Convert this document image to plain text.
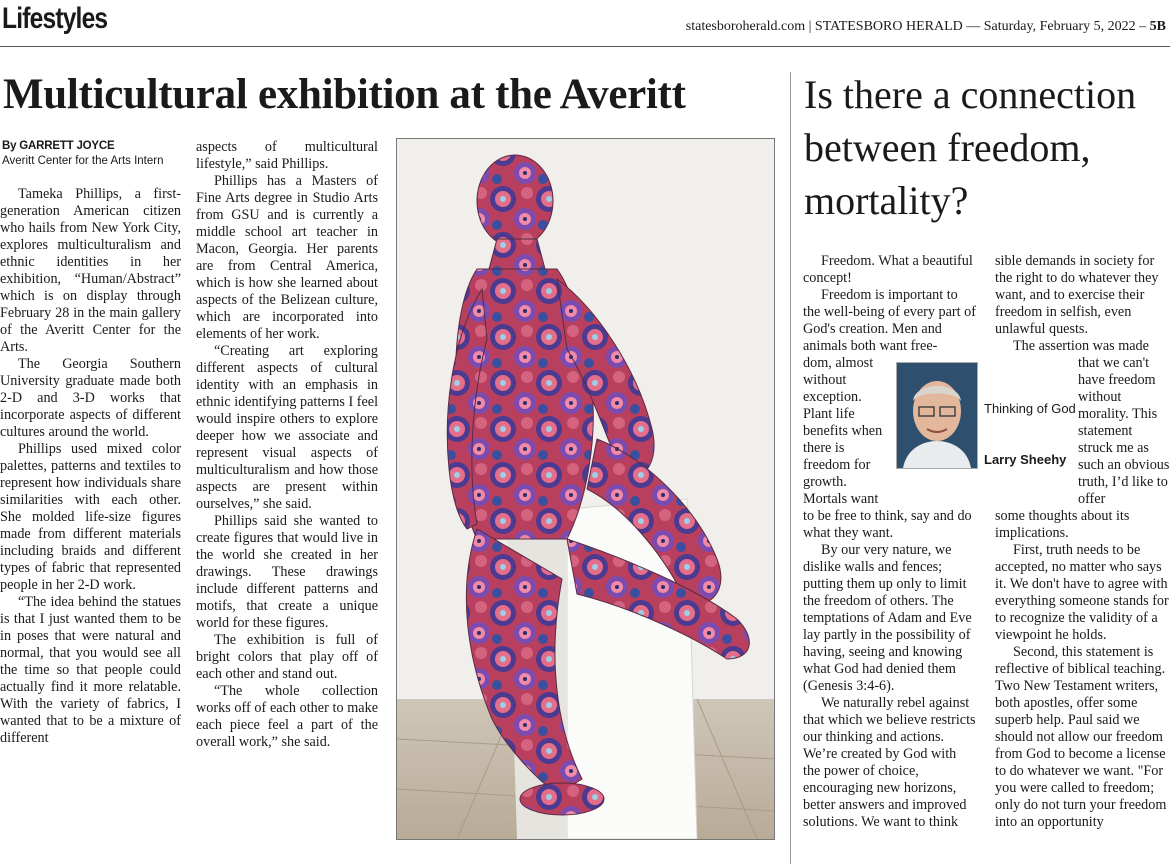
Lifestyles	statesboroherald.com | STATESBORO HERALD — Saturday, February 5, 2022 – 5B
Multicultural exhibition at the Averitt	Is there a connection between freedom, mortality?
By GARRETT JOYCE
Averitt Center for the Arts Intern

Tameka Phillips, a first-generation American citizen who hails from New York City, explores multiculturalism and ethnic identities in her exhibition, “Human/Abstract” which is on display through February 28 in the main gallery of the Averitt Center for the Arts.

The Georgia Southern University graduate made both 2-D and 3-D works that incorporate aspects of different cultures around the world.

Phillips used mixed color palettes, patterns and textiles to represent how individuals share similarities with each other. She molded life-size figures made from different materials including braids and different types of fabric that represented people in her 2-D work.

“The idea behind the statues is that I just wanted them to be in poses that were natural and normal, that you would see all the time so that people could actually find it more relatable. With the variety of fabrics, I wanted that to be a mixture of different

aspects of multicultural lifestyle,” said Phillips.

Phillips has a Masters of Fine Arts degree in Studio Arts from GSU and is currently a middle school art teacher in Macon, Georgia. Her parents are from Central America, which is how she learned about aspects of the Belizean culture, which are incorporated into elements of her work.

“Creating art exploring different aspects of cultural identity with an emphasis in ethnic identifying patterns I feel would inspire others to explore deeper how we associate and represent visual aspects of multiculturalism and how those aspects are present within ourselves,” she said.

Phillips said she wanted to create figures that would live in the world she created in her drawings. These drawings include different patterns and motifs, that create a unique world for these figures.

The exhibition is full of bright colors that play off of each other and stand out.

“The whole collection works off of each other to make each piece feel a part of the overall work,” she said.

Freedom. What a beautiful concept!

Freedom is important to the well-being of every part of God's creation. Men and animals both want free-

dom, almost without exception. Plant life benefits when there is freedom for growth. Mortals want

to be free to think, say and do what they want.

By our very nature, we dislike walls and fences; putting them up only to limit the freedom of others. The temptations of Adam and Eve lay partly in the possibility of having, seeing and knowing what God had denied them (Genesis 3:4-6).

We naturally rebel against that which we believe restricts our thinking and actions. We’re created by God with the power of choice, encouraging new horizons, better answers and improved solutions. We want to think

sible demands in society for the right to do whatever they want, and to exercise their freedom in selfish, even unlawful quests.

The assertion was made

that we can't have freedom without morality. This statement struck me as such an obvious truth, I’d like to offer

some thoughts about its implications.

First, truth needs to be accepted, no matter who says it. We don't have to agree with everything someone stands for to recognize the validity of a viewpoint he holds.

Second, this statement is reflective of biblical teaching. Two New Testament writers, both apostles, offer some superb help. Paul said we should not allow our freedom from God to become a license to do whatever we want. "For you were called to freedom; only do not turn your freedom into an opportunity

Thinking of God
Larry Sheehy
